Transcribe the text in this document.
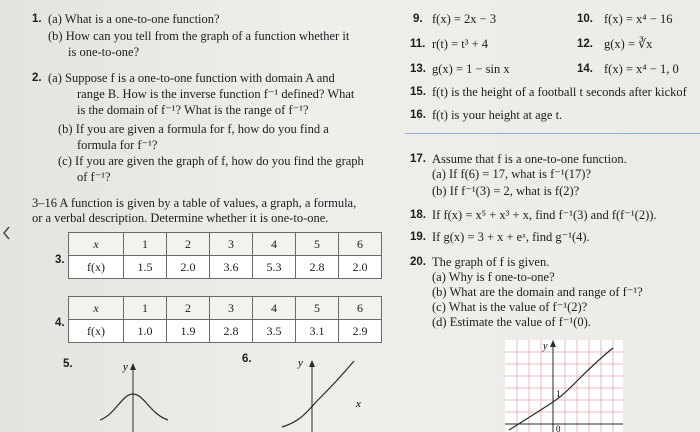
1. (a) What is a one-to-one function?
(b) How can you tell from the graph of a function whether it
is one-to-one?
2. (a) Suppose f is a one-to-one function with domain A and
range B. How is the inverse function f⁻¹ defined? What
is the domain of f⁻¹? What is the range of f⁻¹?
(b) If you are given a formula for f, how do you find a
formula for f⁻¹?
(c) If you are given the graph of f, how do you find the graph
of f⁻¹?
3–16 A function is given by a table of values, a graph, a formula,
or a verbal description. Determine whether it is one-to-one.
3.
x	1	2	3	4	5	6
f(x)	1.5	2.0	3.6	5.3	2.8	2.0
4.
x	1	2	3	4	5	6
f(x)	1.0	1.9	2.8	3.5	3.1	2.9
5.	y
6.	y
x
9. f(x) = 2x − 3	10. f(x) = x⁴ − 16
11. r(t) = t³ + 4	12. g(x) = ∛x
13. g(x) = 1 − sin x	14. f(x) = x⁴ − 1, 0
15. f(t) is the height of a football t seconds after kickof
16. f(t) is your height at age t.
17. Assume that f is a one-to-one function.
(a) If f(6) = 17, what is f⁻¹(17)?
(b) If f⁻¹(3) = 2, what is f(2)?
18. If f(x) = x⁵ + x³ + x, find f⁻¹(3) and f(f⁻¹(2)).
19. If g(x) = 3 + x + eˣ, find g⁻¹(4).
20. The graph of f is given.
(a) Why is f one-to-one?
(b) What are the domain and range of f⁻¹?
(c) What is the value of f⁻¹(2)?
(d) Estimate the value of f⁻¹(0).
y
1
0
